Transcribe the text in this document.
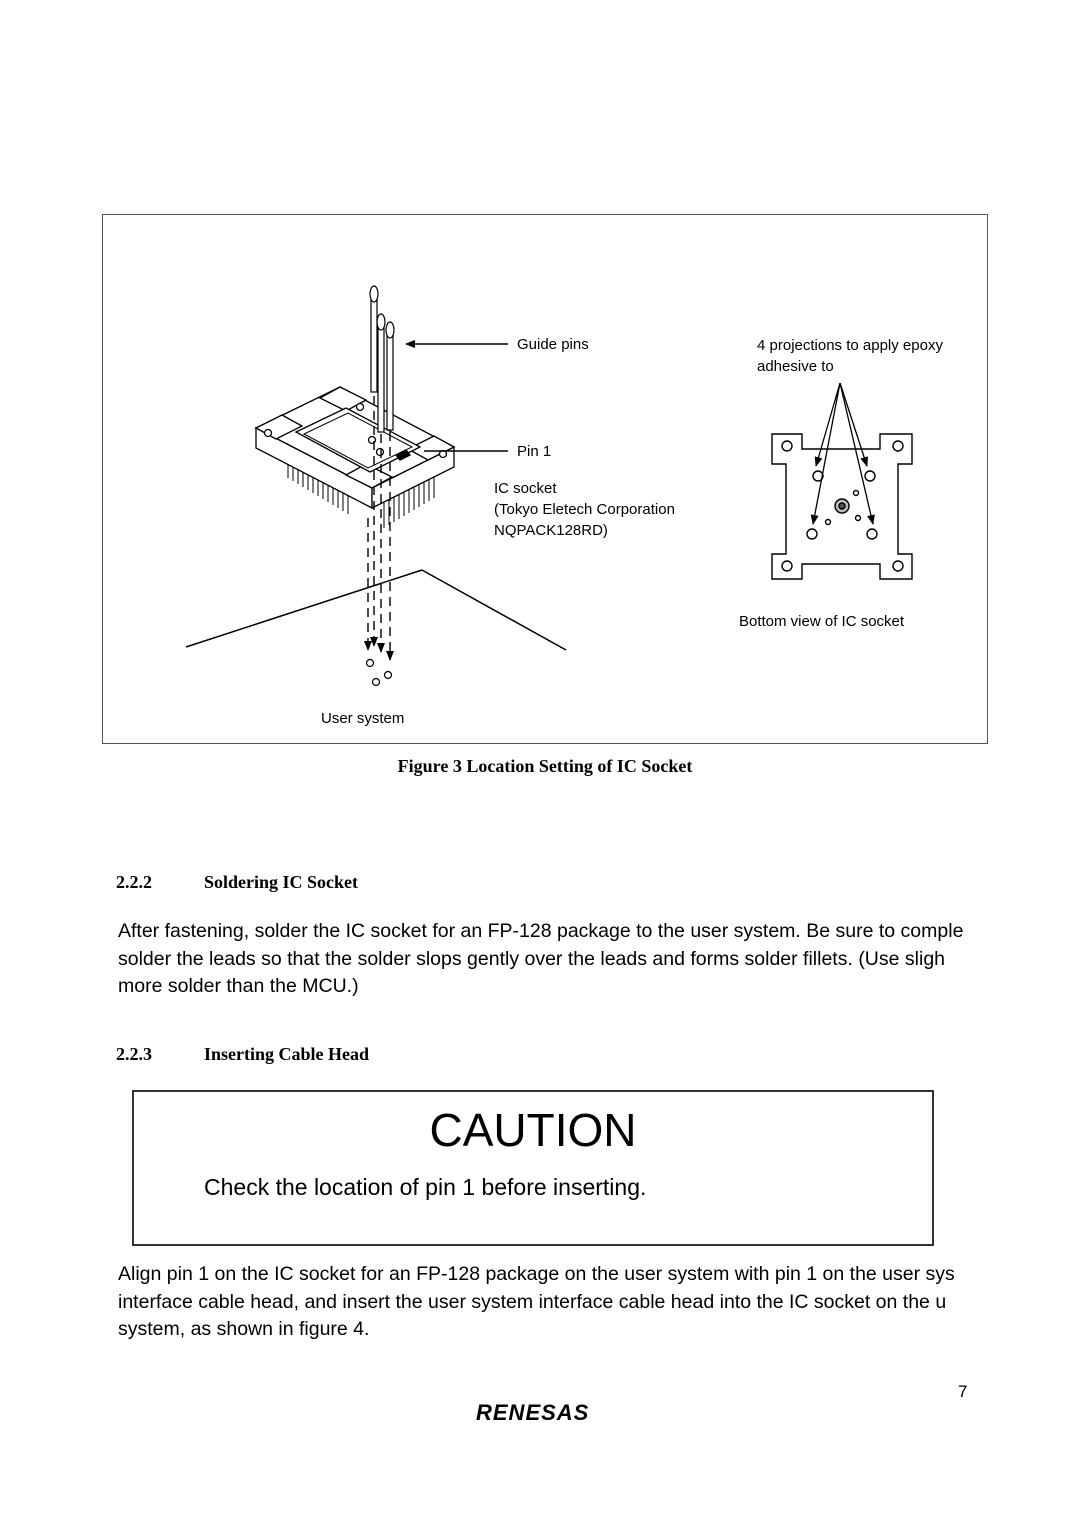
Guide pins
Pin 1
IC socket
(Tokyo Eletech Corporation
NQPACK128RD)
User system
4 projections to apply epoxy
adhesive to
Bottom view of IC socket
Figure 3 Location Setting of IC Socket
2.2.2	Soldering IC Socket
After fastening, solder the IC socket for an FP-128 package to the user system. Be sure to comple
solder the leads so that the solder slops gently over the leads and forms solder fillets. (Use sligh
more solder than the MCU.)
2.2.3	Inserting Cable Head
CAUTION
Check the location of pin 1 before inserting.
Align pin 1 on the IC socket for an FP-128 package on the user system with pin 1 on the user sys
interface cable head, and insert the user system interface cable head into the IC socket on the u
system, as shown in figure 4.
7
RENESAS
